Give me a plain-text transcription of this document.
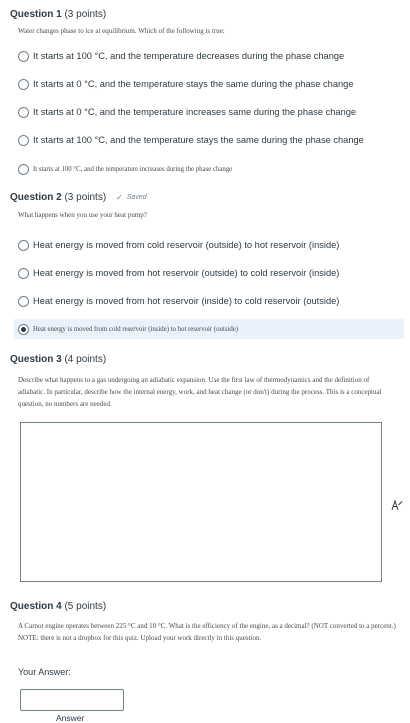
Question 1 (3 points)
Water changes phase to ice at equilibrium. Which of the following is true:
It starts at 100 °C, and the temperature decreases during the phase change
It starts at 0 °C, and the temperature stays the same during the phase change
It starts at 0 °C, and the temperature increases same during the phase change
It starts at 100 °C, and the temperature stays the same during the phase change
It starts at 100 °C, and the temperature increases during the phase change
Question 2 (3 points) ✓ Saved
What happens when you use your heat pump?
Heat energy is moved from cold reservoir (outside) to hot reservoir (inside)
Heat energy is moved from hot reservoir (outside) to cold reservoir (inside)
Heat energy is moved from hot reservoir (inside) to cold reservoir (outside)
Heat energy is moved from cold reservoir (inside) to hot reservoir (outside)
Question 3 (4 points)
Describe what happens to a gas undergoing an adiabatic expansion. Use the first law of thermodynamics and the definition of adiabatic. In particular, describe how the internal energy, work, and heat change (or don't) during the process. This is a conceptual question, no numbers are needed.
Question 4 (5 points)
A Carnot engine operates between 225 °C and 10 °C. What is the efficiency of the engine, as a decimal? (NOT converted to a percent.) NOTE: there is not a dropbox for this quiz. Upload your work directly in this question.
Your Answer:
Answer
